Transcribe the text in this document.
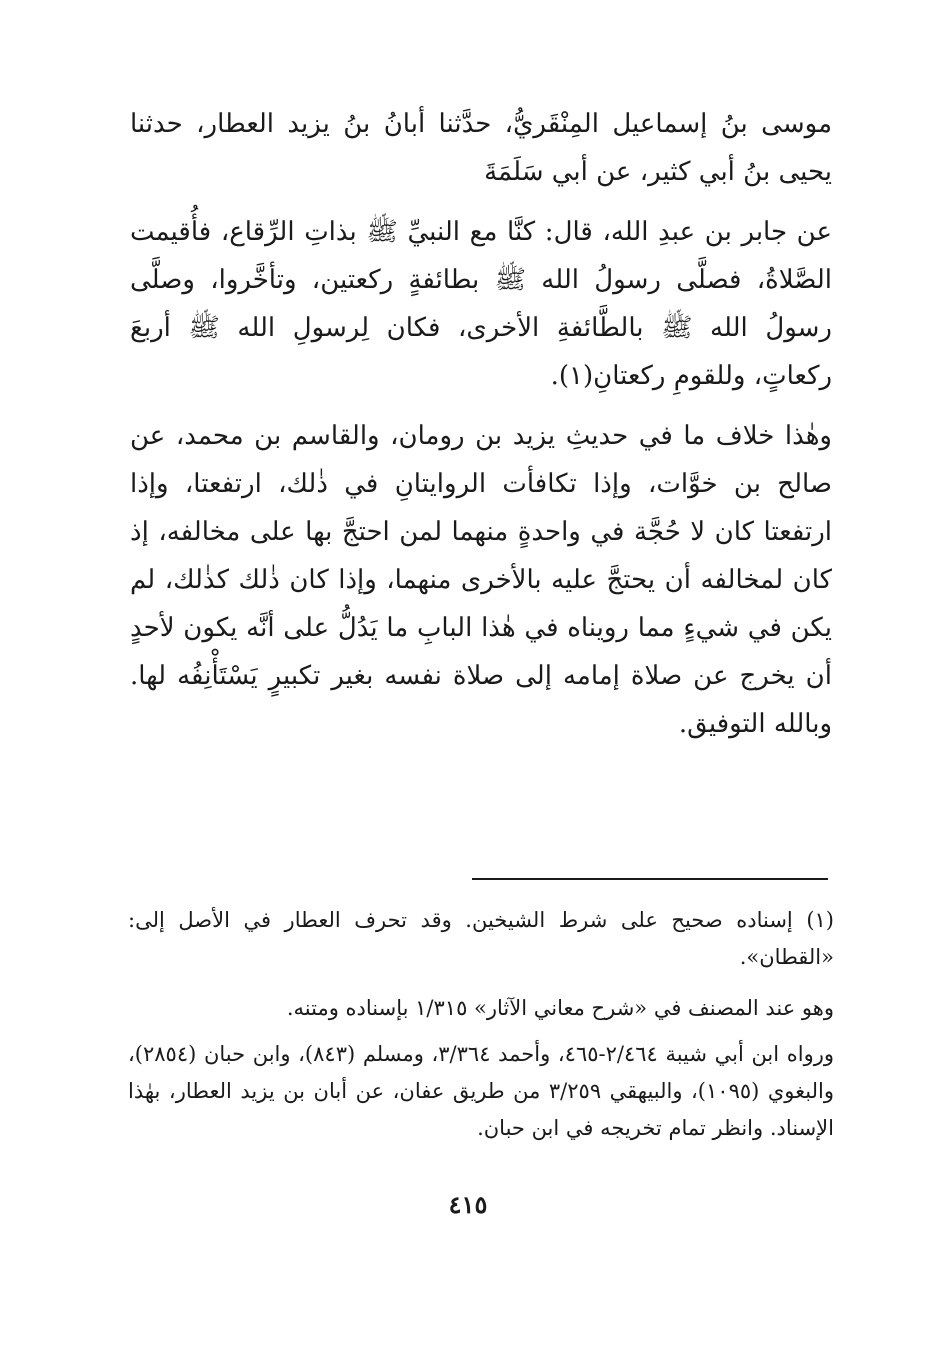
موسى بنُ إسماعيل المِنْقَريُّ، حدَّثنا أبانُ بنُ يزيد العطار، حدثنا يحيى بنُ أبي كثير، عن أبي سَلَمَةَ

عن جابر بن عبدِ الله، قال: كنَّا مع النبيِّ ﷺ بذاتِ الرِّقاع، فأُقيمت الصَّلاةُ، فصلَّى رسولُ الله ﷺ بطائفةٍ ركعتين، وتأخَّروا، وصلَّى رسولُ الله ﷺ بالطَّائفةِ الأخرى، فكان لِرسولِ الله ﷺ أربعَ ركعاتٍ، وللقومِ ركعتانِ(١).

وهٰذا خلاف ما في حديثِ يزيد بن رومان، والقاسم بن محمد، عن صالح بن خوَّات، وإذا تكافأت الروايتانِ في ذٰلك، ارتفعتا، وإذا ارتفعتا كان لا حُجَّة في واحدةٍ منهما لمن احتجَّ بها على مخالفه، إذ كان لمخالفه أن يحتجَّ عليه بالأخرى منهما، وإذا كان ذٰلك كذٰلك، لم يكن في شيءٍ مما رويناه في هٰذا البابِ ما يَدُلُّ على أنَّه يكون لأحدٍ أن يخرج عن صلاة إمامه إلى صلاة نفسه بغير تكبيرٍ يَسْتَأْنِفُه لها. وبالله التوفيق.

(١) إسناده صحيح على شرط الشيخين. وقد تحرف العطار في الأصل إلى: «القطان».

وهو عند المصنف في «شرح معاني الآثار» ١/٣١٥ بإسناده ومتنه.

ورواه ابن أبي شيبة ٢/٤٦٤-٤٦٥، وأحمد ٣/٣٦٤، ومسلم (٨٤٣)، وابن حبان (٢٨٥٤)، والبغوي (١٠٩٥)، والبيهقي ٣/٢٥٩ من طريق عفان، عن أبان بن يزيد العطار، بهٰذا الإسناد. وانظر تمام تخريجه في ابن حبان.

٤١٥
